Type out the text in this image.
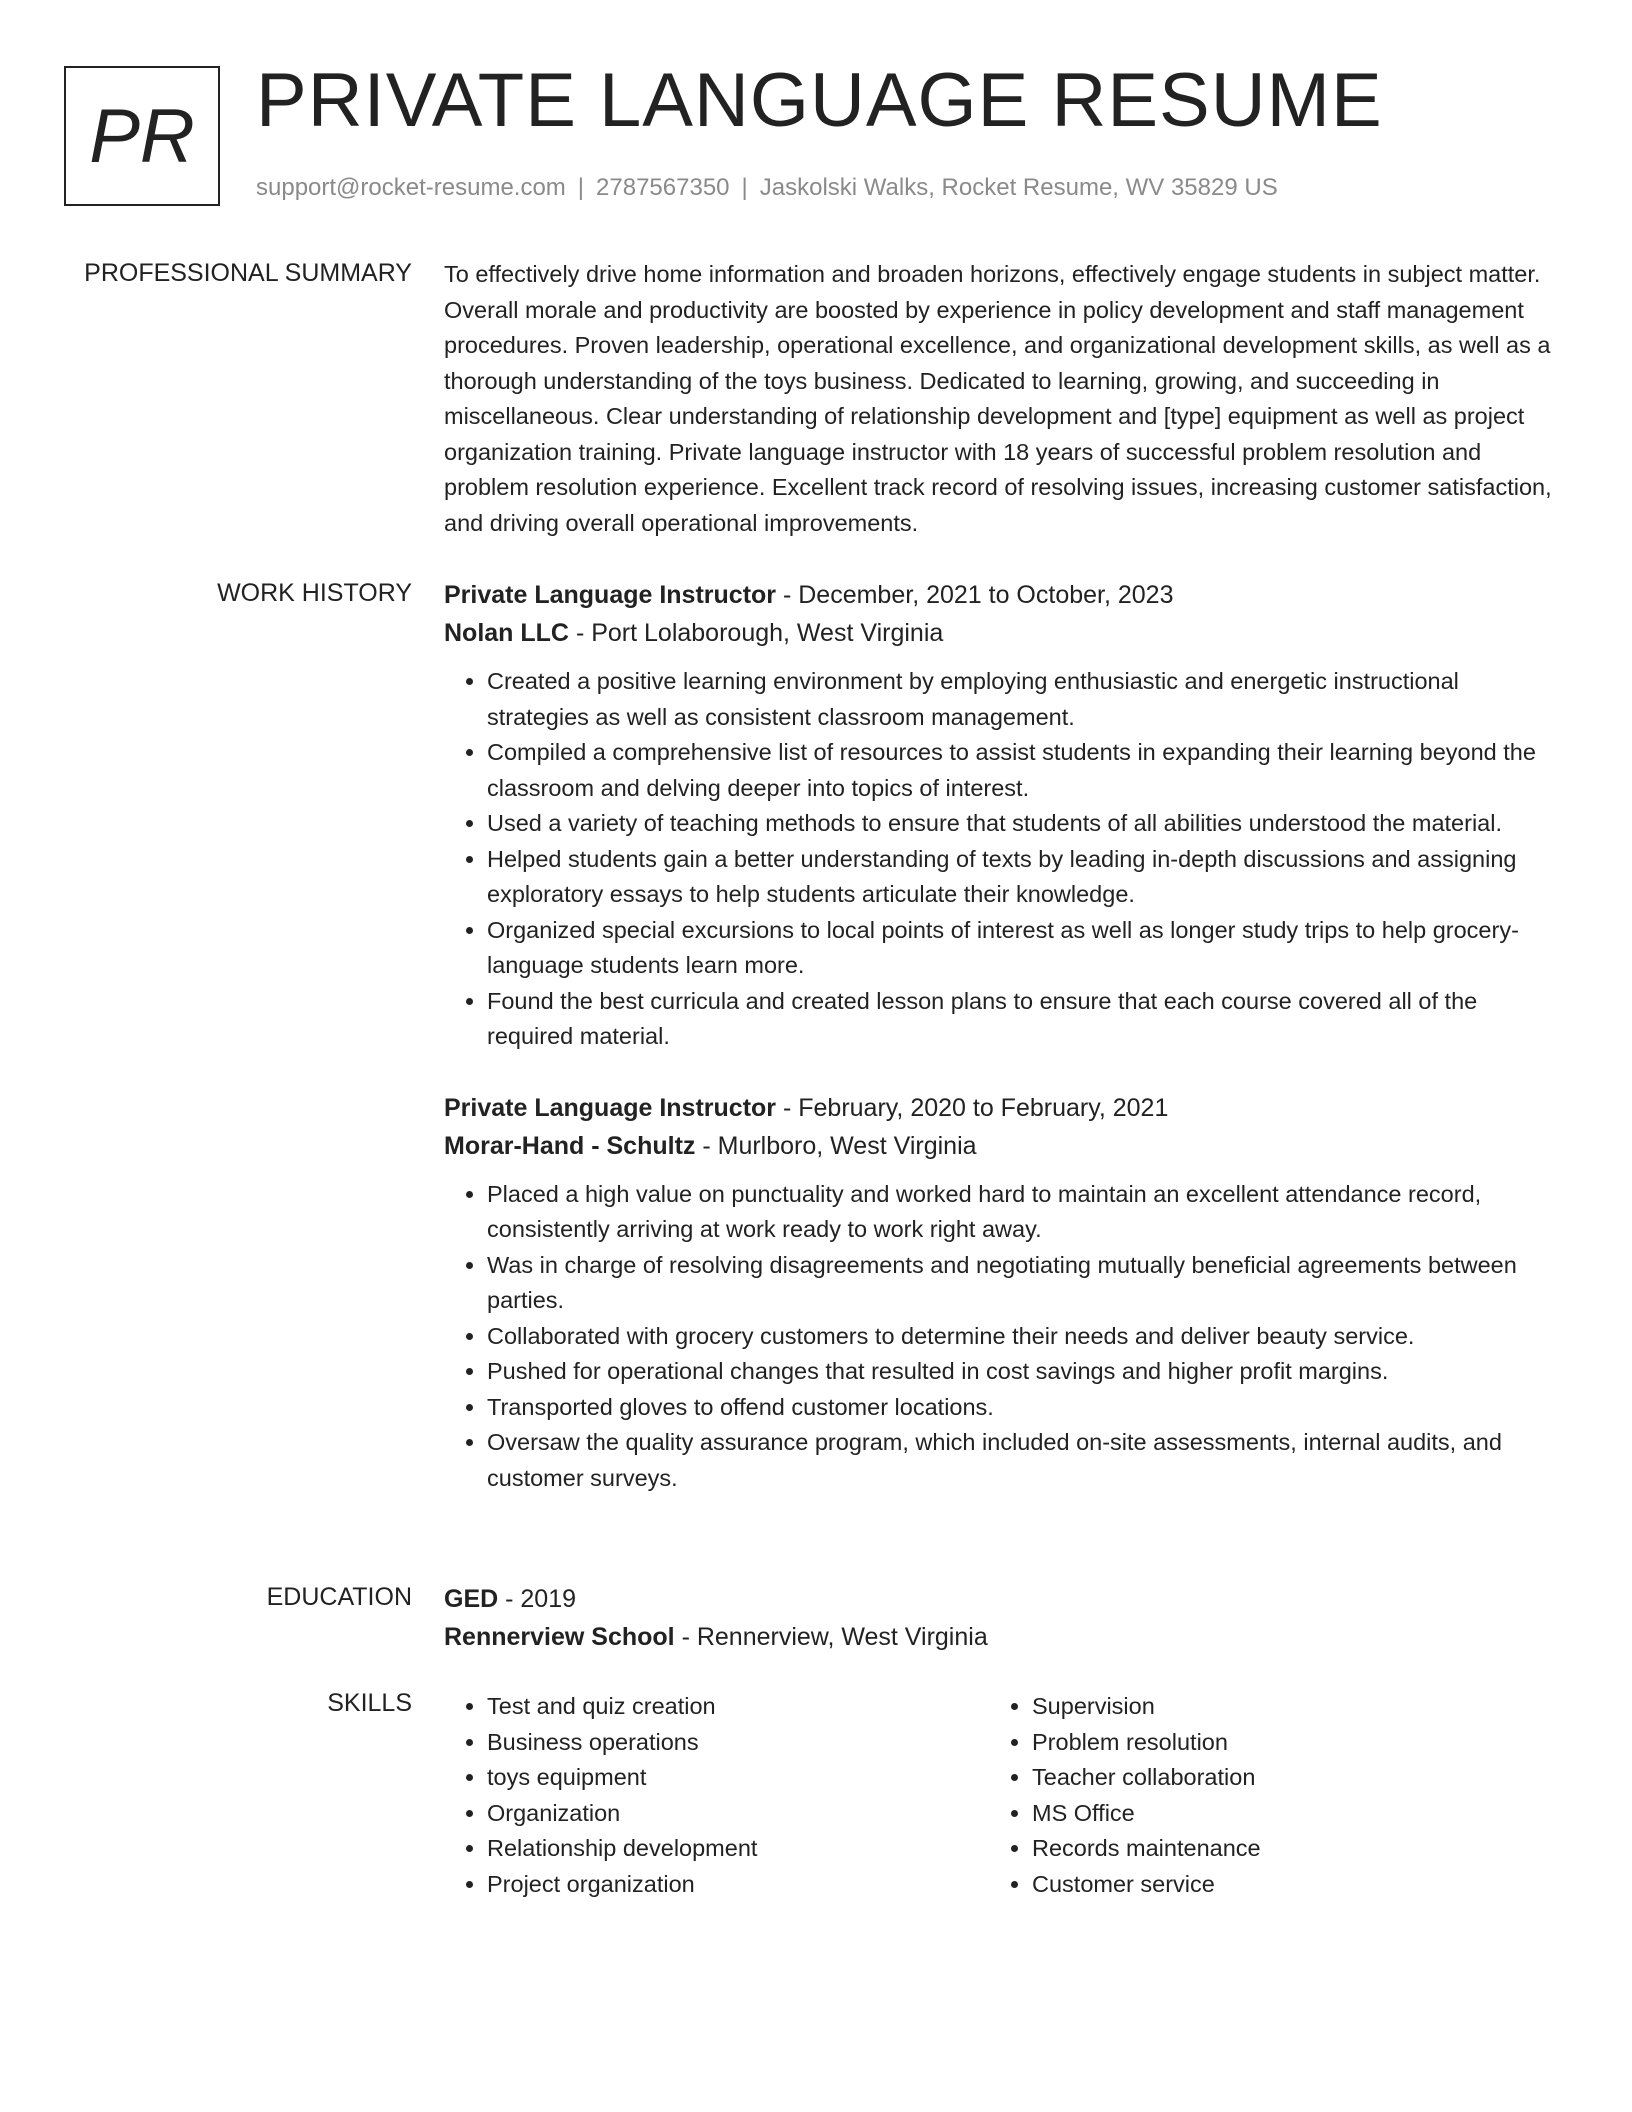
PR PRIVATE LANGUAGE RESUME
support@rocket-resume.com | 2787567350 | Jaskolski Walks, Rocket Resume, WV 35829 US
PROFESSIONAL SUMMARY To effectively drive home information and broaden horizons, effectively engage students in subject matter. Overall morale and productivity are boosted by experience in policy development and staff management procedures. Proven leadership, operational excellence, and organizational development skills, as well as a thorough understanding of the toys business. Dedicated to learning, growing, and succeeding in miscellaneous. Clear understanding of relationship development and [type] equipment as well as project organization training. Private language instructor with 18 years of successful problem resolution and problem resolution experience. Excellent track record of resolving issues, increasing customer satisfaction, and driving overall operational improvements.

WORK HISTORY Private Language Instructor - December, 2021 to October, 2023
Nolan LLC - Port Lolaborough, West Virginia
• Created a positive learning environment by employing enthusiastic and energetic instructional strategies as well as consistent classroom management.
• Compiled a comprehensive list of resources to assist students in expanding their learning beyond the classroom and delving deeper into topics of interest.
• Used a variety of teaching methods to ensure that students of all abilities understood the material.
• Helped students gain a better understanding of texts by leading in-depth discussions and assigning exploratory essays to help students articulate their knowledge.
• Organized special excursions to local points of interest as well as longer study trips to help grocery-language students learn more.
• Found the best curricula and created lesson plans to ensure that each course covered all of the required material.
Private Language Instructor - February, 2020 to February, 2021
Morar-Hand - Schultz - Murlboro, West Virginia
• Placed a high value on punctuality and worked hard to maintain an excellent attendance record, consistently arriving at work ready to work right away.
• Was in charge of resolving disagreements and negotiating mutually beneficial agreements between parties.
• Collaborated with grocery customers to determine their needs and deliver beauty service.
• Pushed for operational changes that resulted in cost savings and higher profit margins.
• Transported gloves to offend customer locations.
• Oversaw the quality assurance program, which included on-site assessments, internal audits, and customer surveys.
EDUCATION GED - 2019
Rennerview School - Rennerview, West Virginia
SKILLS
•	Test and quiz creation
• Business operations
• toys equipment
• Organization
• Relationship development
• Project organization
• Supervision
• Problem resolution
• Teacher collaboration
• MS Office
• Records maintenance
• Customer service
